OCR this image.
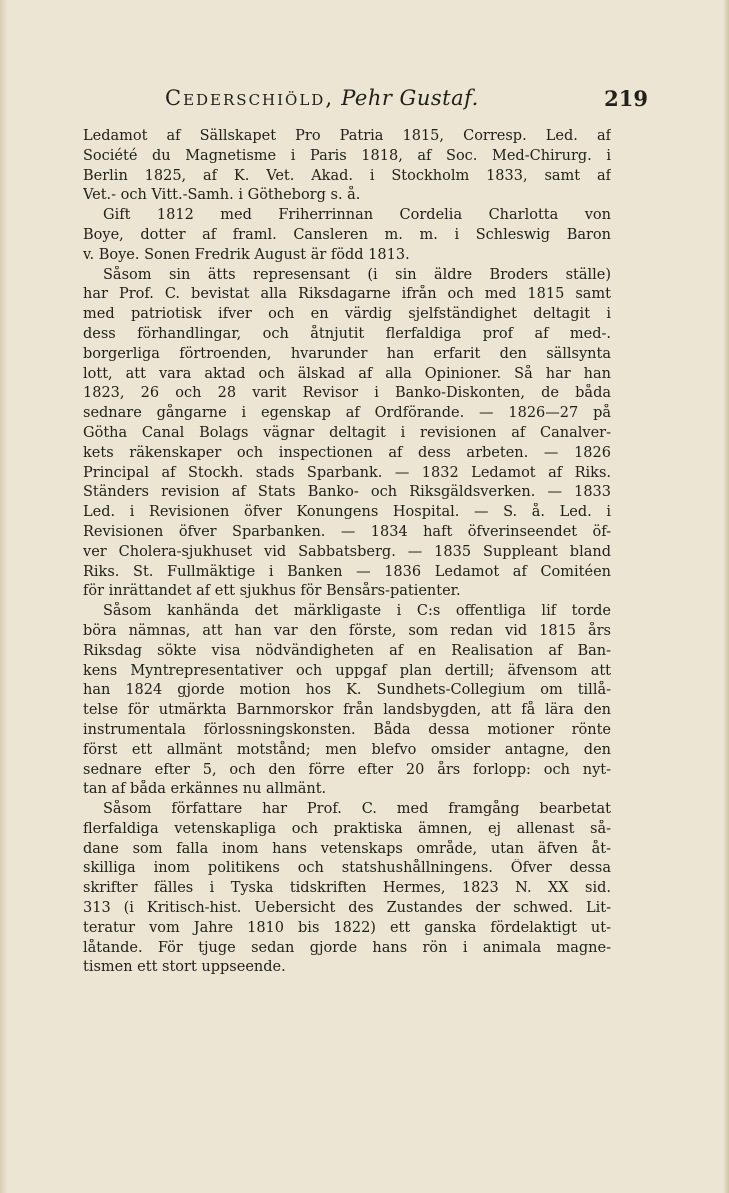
Cederschiöld, Pehr Gustaf.	219
Ledamot af Sällskapet Pro Patria 1815, Corresp. Led. af
Société du Magnetisme i Paris 1818, af Soc. Med-Chirurg. i
Berlin 1825, af K. Vet. Akad. i Stockholm 1833, samt af
Vet.- och Vitt.-Samh. i Götheborg s. å.
Gift 1812 med Friherrinnan Cordelia Charlotta von
Boye, dotter af framl. Cansleren m. m. i Schleswig Baron
v. Boye. Sonen Fredrik August är född 1813.
Såsom sin ätts represensant (i sin äldre Broders ställe)
har Prof. C. bevistat alla Riksdagarne ifrån och med 1815 samt
med patriotisk ifver och en värdig sjelfständighet deltagit i
dess förhandlingar, och åtnjutit flerfaldiga prof af med-.
borgerliga förtroenden, hvarunder han erfarit den sällsynta
lott, att vara aktad och älskad af alla Opinioner. Så har han
1823, 26 och 28 varit Revisor i Banko-Diskonten, de båda
sednare gångarne i egenskap af Ordförande. — 1826—27 på
Götha Canal Bolags vägnar deltagit i revisionen af Canalver-
kets räkenskaper och inspectionen af dess arbeten. — 1826
Principal af Stockh. stads Sparbank. — 1832 Ledamot af Riks.
Ständers revision af Stats Banko- och Riksgäldsverken. — 1833
Led. i Revisionen öfver Konungens Hospital. — S. å. Led. i
Revisionen öfver Sparbanken. — 1834 haft öfverinseendet öf-
ver Cholera-sjukhuset vid Sabbatsberg. — 1835 Suppleant bland
Riks. St. Fullmäktige i Banken — 1836 Ledamot af Comitéen
för inrättandet af ett sjukhus för Bensårs-patienter.
Såsom kanhända det märkligaste i C:s offentliga lif torde
böra nämnas, att han var den förste, som redan vid 1815 års
Riksdag sökte visa nödvändigheten af en Realisation af Ban-
kens Myntrepresentativer och uppgaf plan dertill; äfvensom att
han 1824 gjorde motion hos K. Sundhets-Collegium om tillå-
telse för utmärkta Barnmorskor från landsbygden, att få lära den
instrumentala förlossningskonsten. Båda dessa motioner rönte
först ett allmänt motstånd; men blefvo omsider antagne, den
sednare efter 5, och den förre efter 20 års forlopp: och nyt-
tan af båda erkännes nu allmänt.
Såsom författare har Prof. C. med framgång bearbetat
flerfaldiga vetenskapliga och praktiska ämnen, ej allenast så-
dane som falla inom hans vetenskaps område, utan äfven åt-
skilliga inom politikens och statshushållningens. Öfver dessa
skrifter fälles i Tyska tidskriften Hermes, 1823 N. XX sid.
313 (i Kritisch-hist. Uebersicht des Zustandes der schwed. Lit-
teratur vom Jahre 1810 bis 1822) ett ganska fördelaktigt ut-
låtande. För tjuge sedan gjorde hans rön i animala magne-
tismen ett stort uppseende.
